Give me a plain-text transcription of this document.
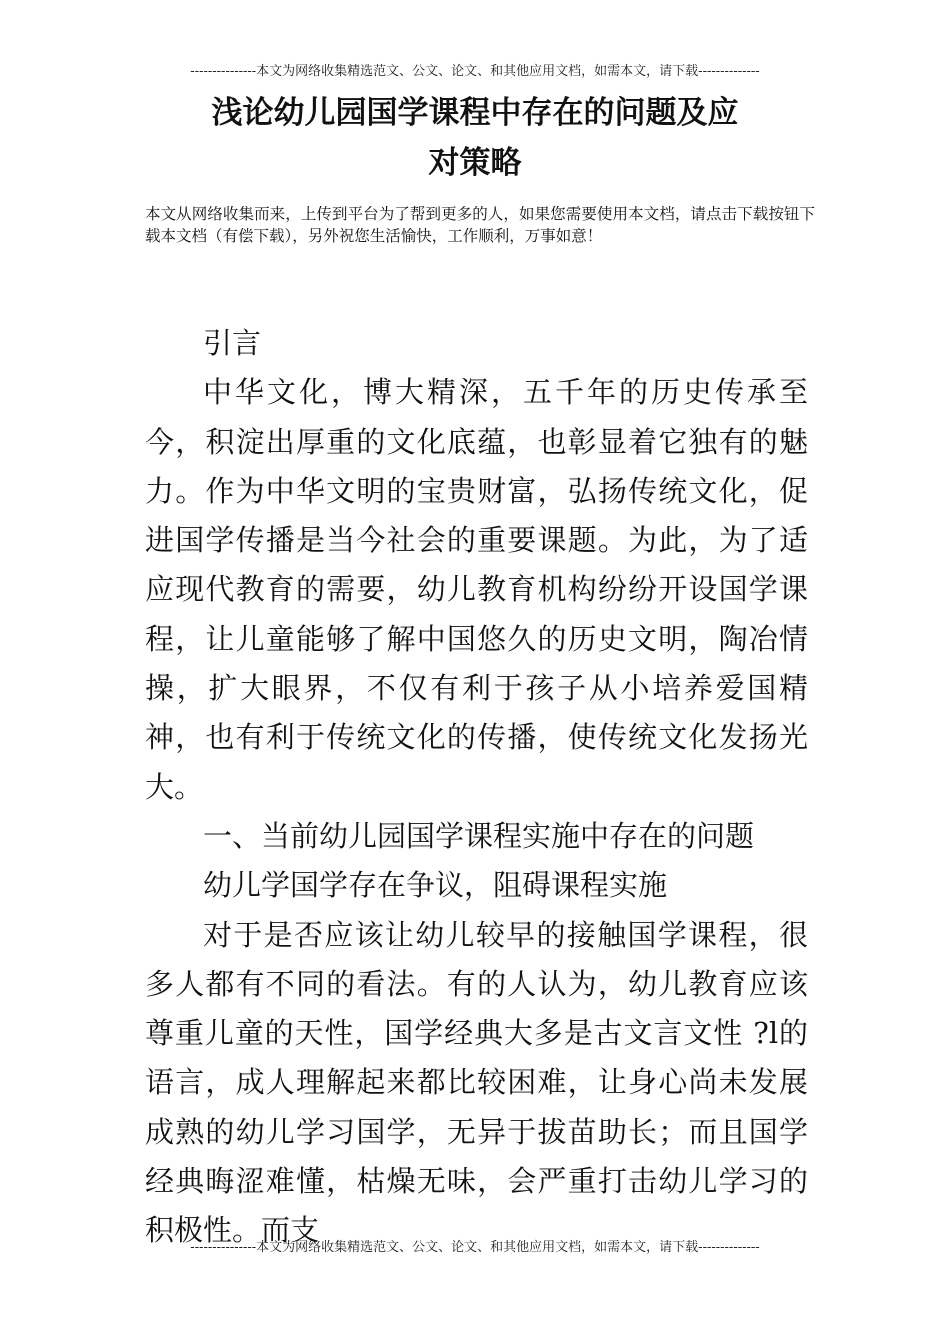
---------------本文为网络收集精选范文、公文、论文、和其他应用文档，如需本文，请下载--------------
浅论幼儿园国学课程中存在的问题及应
对策略
本文从网络收集而来，上传到平台为了帮到更多的人，如果您需要使用本文档，请点击下载按钮下载本文档（有偿下载），另外祝您生活愉快，工作顺利，万事如意！

引言

中华文化，博大精深，五千年的历史传承至今，积淀出厚重的文化底蕴，也彰显着它独有的魅力。作为中华文明的宝贵财富，弘扬传统文化，促进国学传播是当今社会的重要课题。为此，为了适应现代教育的需要，幼儿教育机构纷纷开设国学课程，让儿童能够了解中国悠久的历史文明，陶冶情操，扩大眼界，不仅有利于孩子从小培养爱国精神，也有利于传统文化的传播，使传统文化发扬光大。

一、当前幼儿园国学课程实施中存在的问题

幼儿学国学存在争议，阻碍课程实施

对于是否应该让幼儿较早的接触国学课程，很多人都有不同的看法。有的人认为，幼儿教育应该尊重儿童的天性，国学经典大多是古文言文性 ?l的语言，成人理解起来都比较困难，让身心尚未发展成熟的幼儿学习国学，无异于拔苗助长；而且国学经典晦涩难懂，枯燥无味，会严重打击幼儿学习的积极性。而支

---------------本文为网络收集精选范文、公文、论文、和其他应用文档，如需本文，请下载--------------
